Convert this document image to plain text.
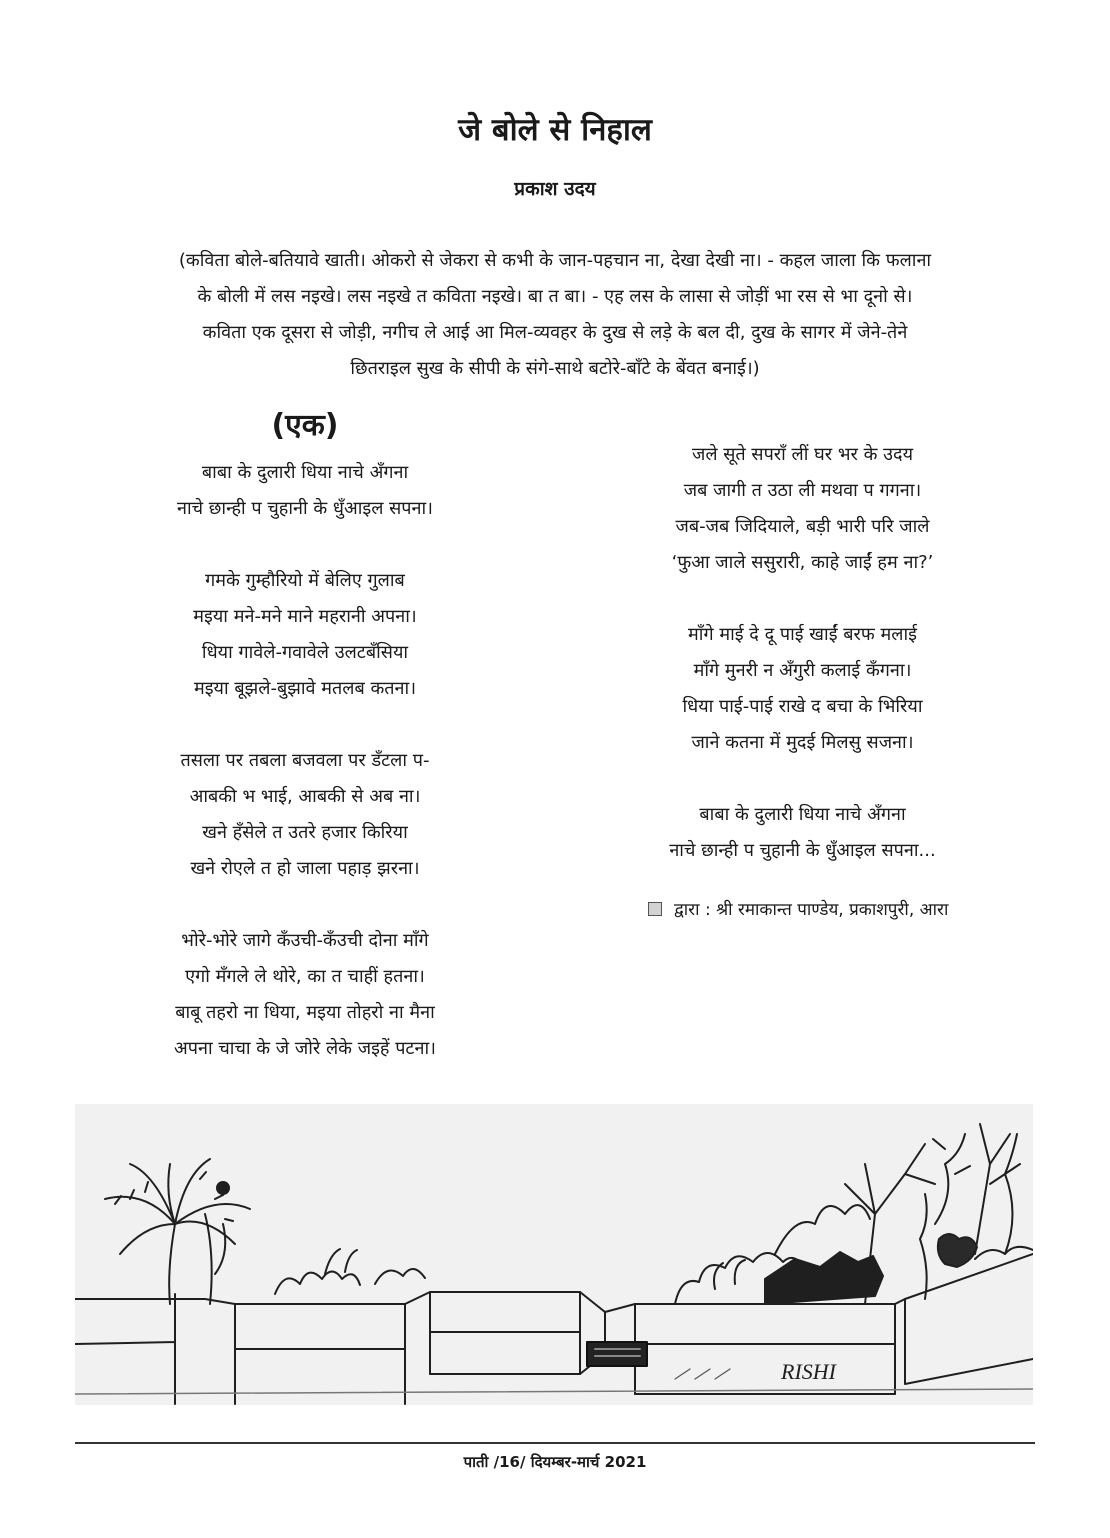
जे बोले से निहाल
प्रकाश उदय

(कविता बोले-बतियावे खाती। ओकरो से जेकरा से कभी के जान-पहचान ना, देखा देखी ना। - कहल जाला कि फलाना

के बोली में लस नइखे। लस नइखे त कविता नइखे। बा त बा। - एह लस के लासा से जोड़ीं भा रस से भा दूनो से।

कविता एक दूसरा से जोड़ी, नगीच ले आई आ मिल-व्यवहर के दुख से लड़े के बल दी, दुख के सागर में जेने-तेने

छितराइल सुख के सीपी के संगे-साथे बटोरे-बाँटे के बेंवत बनाई।)

(एक)
बाबा के दुलारी धिया नाचे अँगना
नाचे छान्ही प चुहानी के धुँआइल सपना।
गमके गुम्हौरियो में बेलिए गुलाब
मइया मने-मने माने महरानी अपना।
धिया गावेले-गवावेले उलटबँसिया
मइया बूझले-बुझावे मतलब कतना।
तसला पर तबला बजवला पर डँटला प-
आबकी भ भाई, आबकी से अब ना।
खने हँसेले त उतरे हजार किरिया
खने रोएले त हो जाला पहाड़ झरना।
भोरे-भोरे जागे कँउची-कँउची दोना माँगे
एगो मँगले ले थोरे, का त चाहीं हतना।
बाबू तहरो ना धिया, मइया तोहरो ना मैना
अपना चाचा के जे जोरे लेके जइहें पटना।
जले सूते सपराँ लीं घर भर के उदय
जब जागी त उठा ली मथवा प गगना।
जब-जब जिदियाले, बड़ी भारी परि जाले
‘फुआ जाले ससुरारी, काहे जाईं हम ना?’
माँगे माई दे दू पाई खाईं बरफ मलाई
माँगे मुनरी न अँगुरी कलाई कँगना।
धिया पाई-पाई राखे द बचा के भिरिया
जाने कतना में मुदई मिलसु सजना।
बाबा के दुलारी धिया नाचे अँगना
नाचे छान्ही प चुहानी के धुँआइल सपना...
द्वारा : श्री रमाकान्त पाण्डेय, प्रकाशपुरी, आरा
RISHI
पाती /16/ दियम्बर-मार्च 2021
